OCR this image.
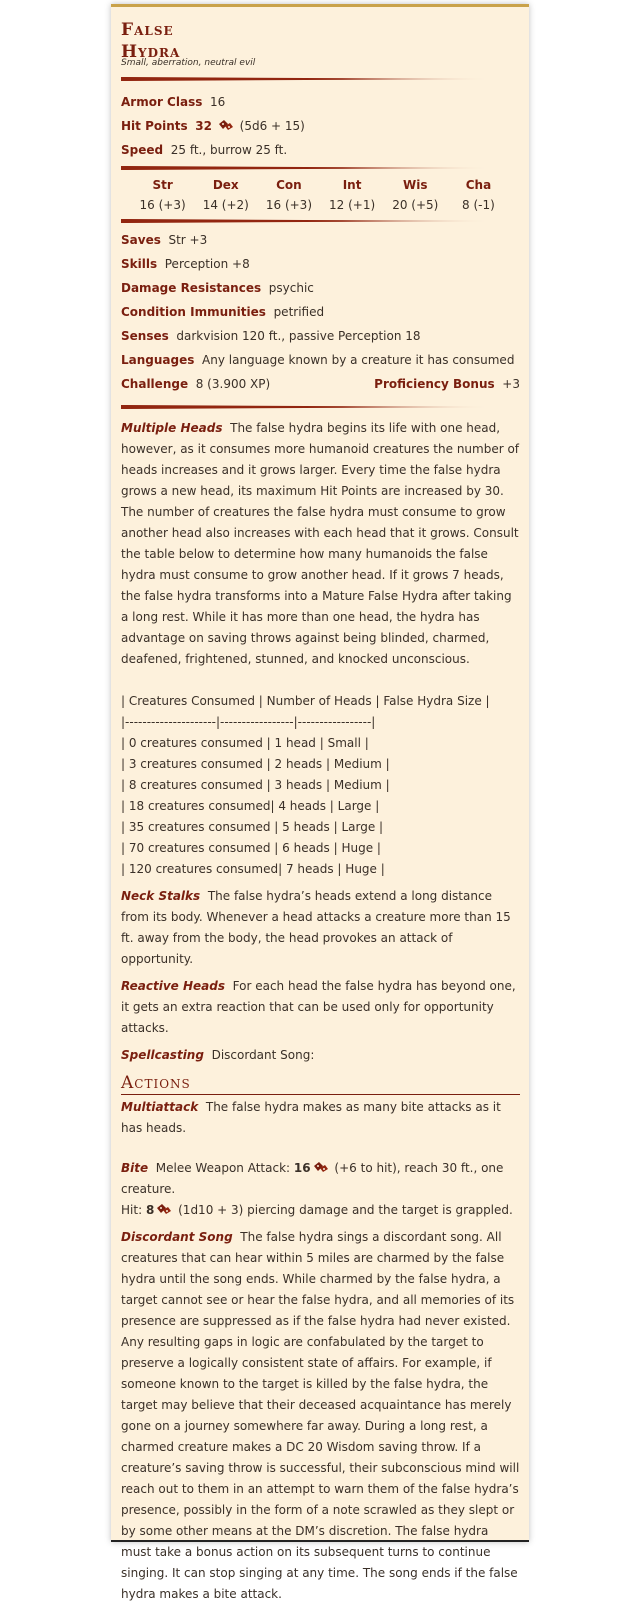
False
Hydra
Small, aberration, neutral evil
Armor Class 16
Hit Points 32 (5d6 + 15)
Speed 25 ft., burrow 25 ft.
Str
16 (+3)
Dex
14 (+2)
Con
16 (+3)
Int
12 (+1)
Wis
20 (+5)
Cha
8 (-1)
Saves Str +3
Skills Perception +8
Damage Resistances psychic
Condition Immunities petrified
Senses darkvision 120 ft., passive Perception 18
Languages Any language known by a creature it has consumed
Challenge 8 (3.900 XP)	Proficiency Bonus +3
Multiple Heads The false hydra begins its life with one head, however, as it consumes more humanoid creatures the number of heads increases and it grows larger. Every time the false hydra grows a new head, its maximum Hit Points are increased by 30. The number of creatures the false hydra must consume to grow another head also increases with each head that it grows. Consult the table below to determine how many humanoids the false hydra must consume to grow another head. If it grows 7 heads, the false hydra transforms into a Mature False Hydra after taking a long rest. While it has more than one head, the hydra has advantage on saving throws against being blinded, charmed, deafened, frightened, stunned, and knocked unconscious.
| Creatures Consumed | Number of Heads | False Hydra Size |
|---------------------|-----------------|-----------------|
| 0 creatures consumed | 1 head | Small |
| 3 creatures consumed | 2 heads | Medium |
| 8 creatures consumed | 3 heads | Medium |
| 18 creatures consumed| 4 heads | Large |
| 35 creatures consumed | 5 heads | Large |
| 70 creatures consumed | 6 heads | Huge |
| 120 creatures consumed| 7 heads | Huge |
Neck Stalks The false hydra’s heads extend a long distance from its body. Whenever a head attacks a creature more than 15 ft. away from the body, the head provokes an attack of opportunity.
Reactive Heads For each head the false hydra has beyond one, it gets an extra reaction that can be used only for opportunity attacks.
Spellcasting Discordant Song:
Actions
Multiattack The false hydra makes as many bite attacks as it has heads.
Bite Melee Weapon Attack: 16 (+6 to hit), reach 30 ft., one creature.
Hit: 8 (1d10 + 3) piercing damage and the target is grappled.
Discordant Song The false hydra sings a discordant song. All creatures that can hear within 5 miles are charmed by the false hydra until the song ends. While charmed by the false hydra, a target cannot see or hear the false hydra, and all memories of its presence are suppressed as if the false hydra had never existed. Any resulting gaps in logic are confabulated by the target to preserve a logically consistent state of affairs. For example, if someone known to the target is killed by the false hydra, the target may believe that their deceased acquaintance has merely gone on a journey somewhere far away. During a long rest, a charmed creature makes a DC 20 Wisdom saving throw. If a creature’s saving throw is successful, their subconscious mind will reach out to them in an attempt to warn them of the false hydra’s presence, possibly in the form of a note scrawled as they slept or by some other means at the DM’s discretion. The false hydra must take a bonus action on its subsequent turns to continue singing. It can stop singing at any time. The song ends if the false hydra makes a bite attack.
